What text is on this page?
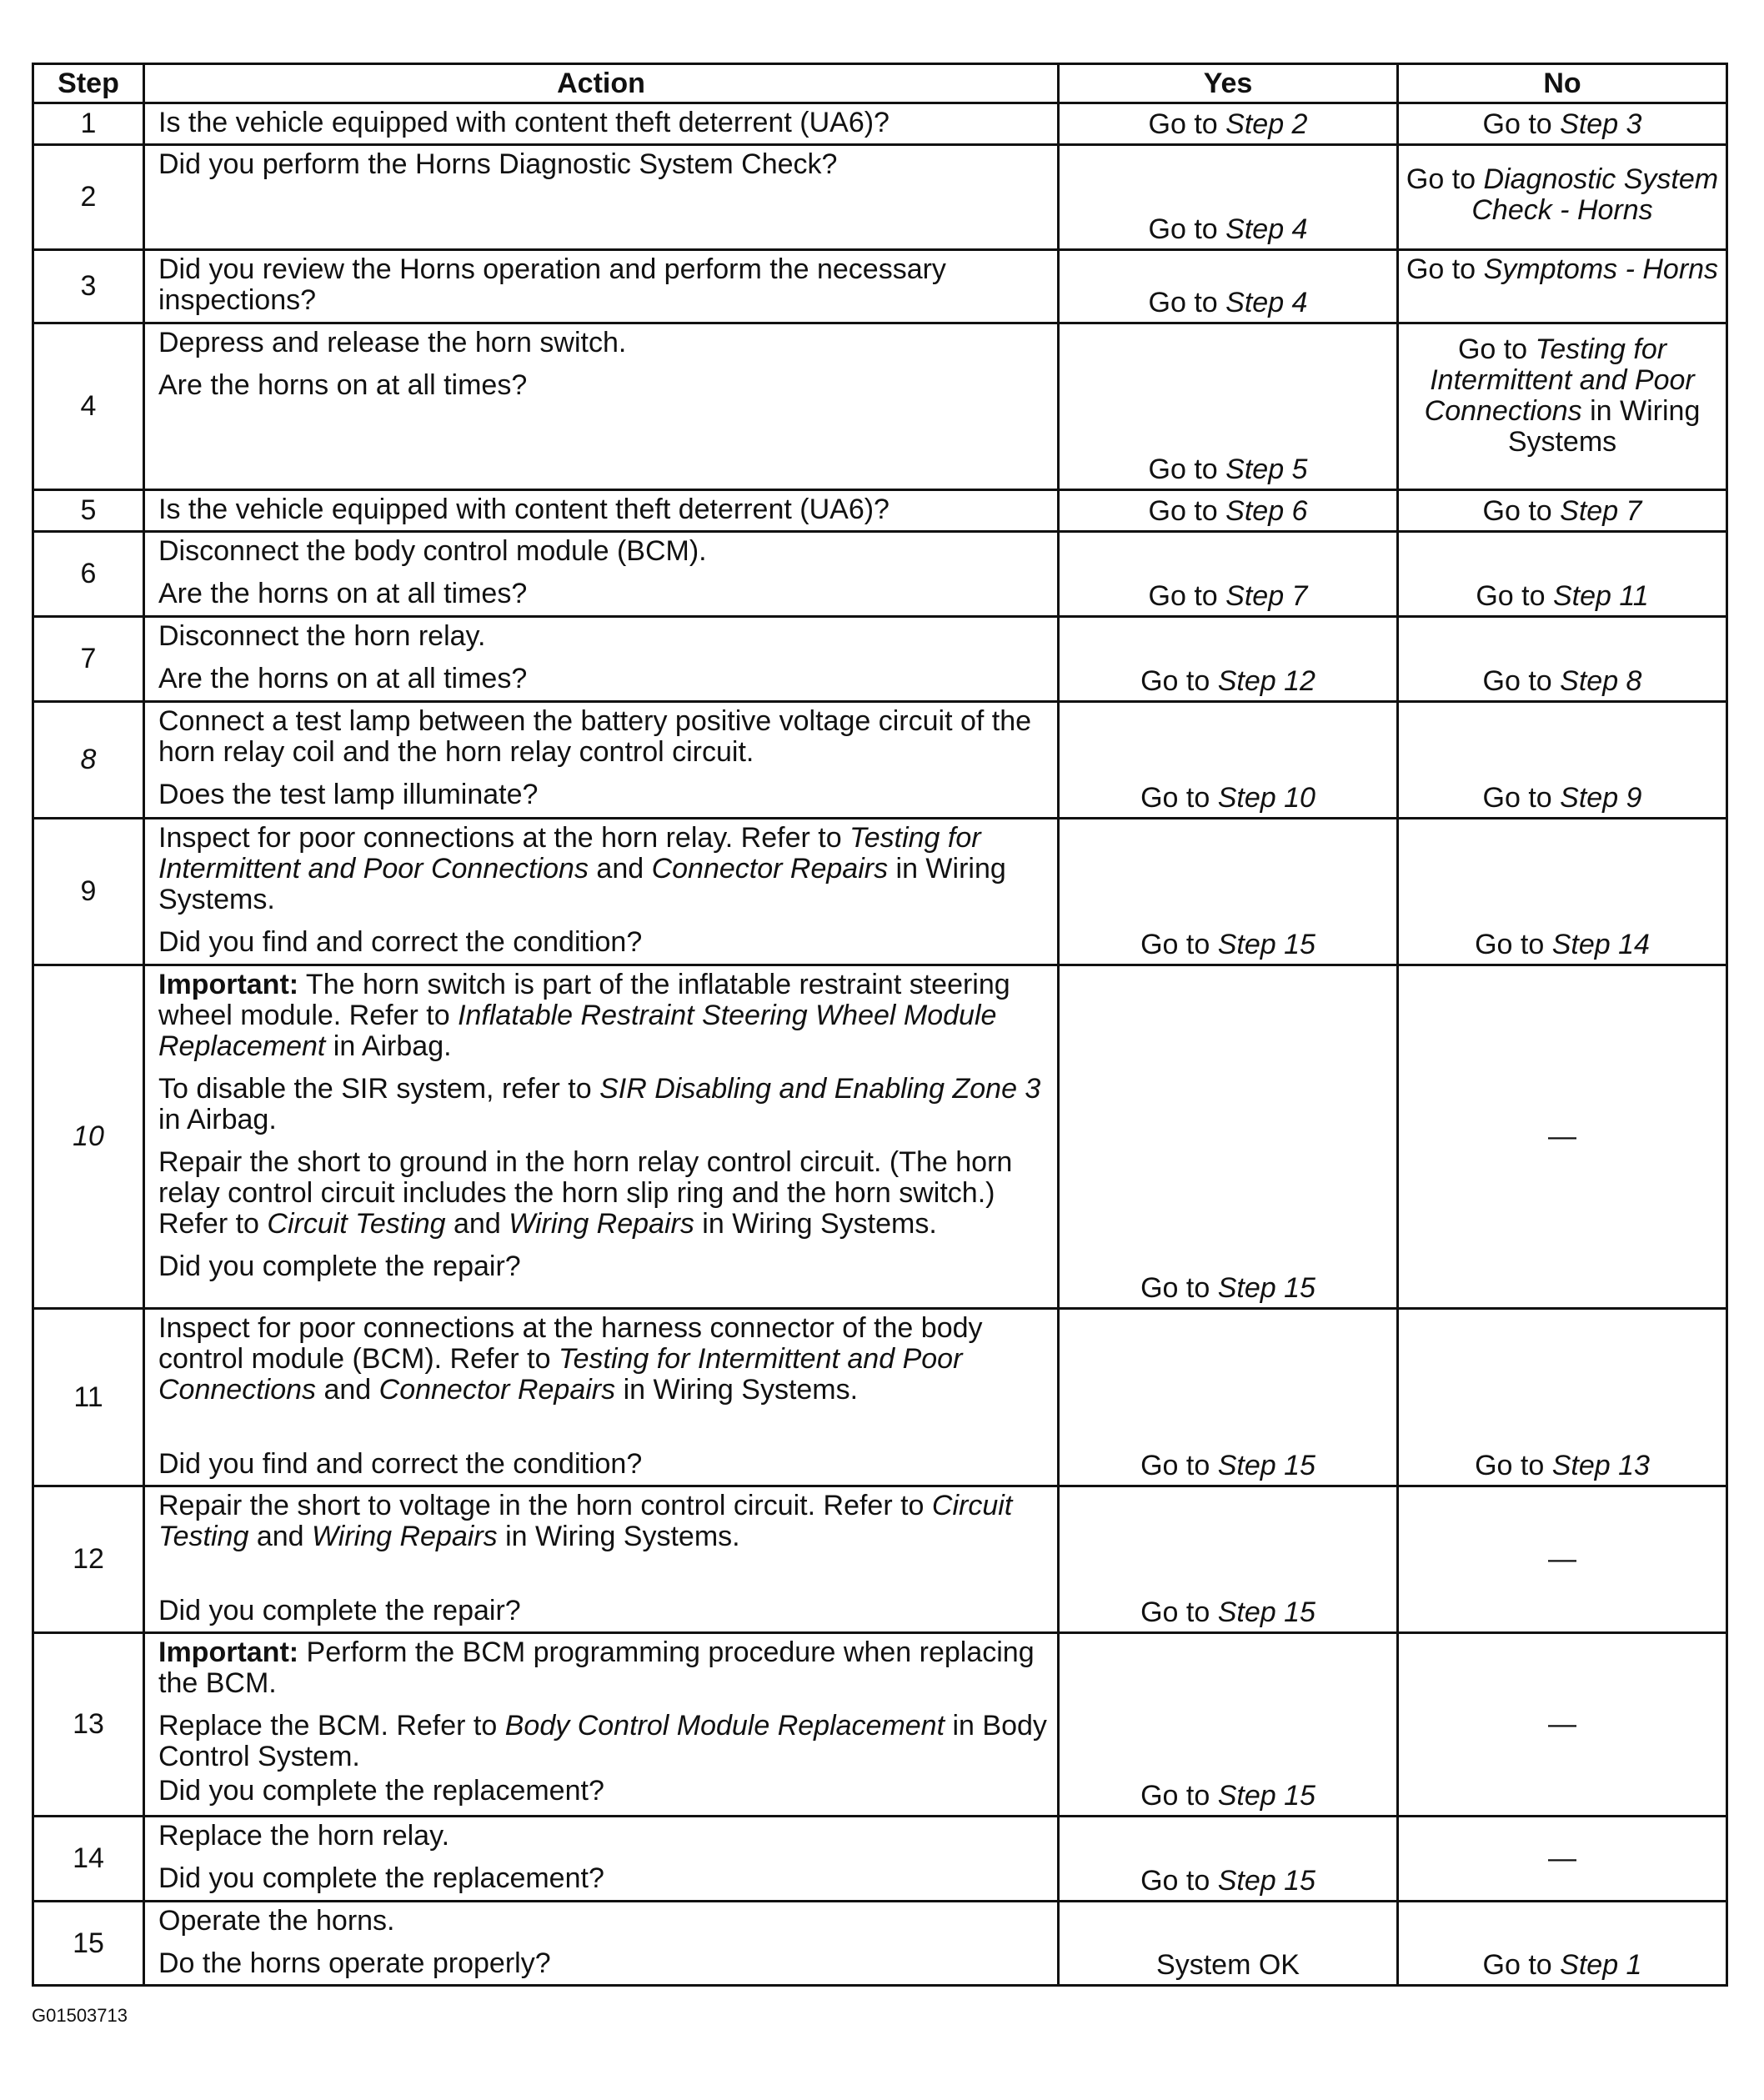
Step	Action	Yes	No
1	Is the vehicle equipped with content theft deterrent (UA6)?	Go to Step 2	Go to Step 3
2	Did you perform the Horns Diagnostic System Check?	Go to Step 4	Go to Diagnostic System Check - Horns
3	Did you review the Horns operation and perform the necessary inspections?	Go to Step 4	Go to Symptoms - Horns
4	Depress and release the horn switch.
Are the horns on at all times?	Go to Step 5	Go to Testing for Intermittent and Poor Connections in Wiring Systems
5	Is the vehicle equipped with content theft deterrent (UA6)?	Go to Step 6	Go to Step 7
6	Disconnect the body control module (BCM).
Are the horns on at all times?	Go to Step 7	Go to Step 11
7	Disconnect the horn relay.
Are the horns on at all times?	Go to Step 12	Go to Step 8
8	Connect a test lamp between the battery positive voltage circuit of the horn relay coil and the horn relay control circuit.
Does the test lamp illuminate?	Go to Step 10	Go to Step 9
9	Inspect for poor connections at the horn relay. Refer to Testing for Intermittent and Poor Connections and Connector Repairs in Wiring Systems.
Did you find and correct the condition?	Go to Step 15	Go to Step 14
10	Important: The horn switch is part of the inflatable restraint steering wheel module. Refer to Inflatable Restraint Steering Wheel Module Replacement in Airbag.
To disable the SIR system, refer to SIR Disabling and Enabling Zone 3 in Airbag.
Repair the short to ground in the horn relay control circuit. (The horn relay control circuit includes the horn slip ring and the horn switch.) Refer to Circuit Testing and Wiring Repairs in Wiring Systems.
Did you complete the repair?	Go to Step 15	—
11	Inspect for poor connections at the harness connector of the body control module (BCM). Refer to Testing for Intermittent and Poor Connections and Connector Repairs in Wiring Systems.
Did you find and correct the condition?	Go to Step 15	Go to Step 13
12	Repair the short to voltage in the horn control circuit. Refer to Circuit Testing and Wiring Repairs in Wiring Systems.
Did you complete the repair?	Go to Step 15	—
13	Important: Perform the BCM programming procedure when replacing the BCM.
Replace the BCM. Refer to Body Control Module Replacement in Body Control System.
Did you complete the replacement?	Go to Step 15	—
14	Replace the horn relay.
Did you complete the replacement?	Go to Step 15	—
15	Operate the horns.
Do the horns operate properly?	System OK	Go to Step 1
G01503713
